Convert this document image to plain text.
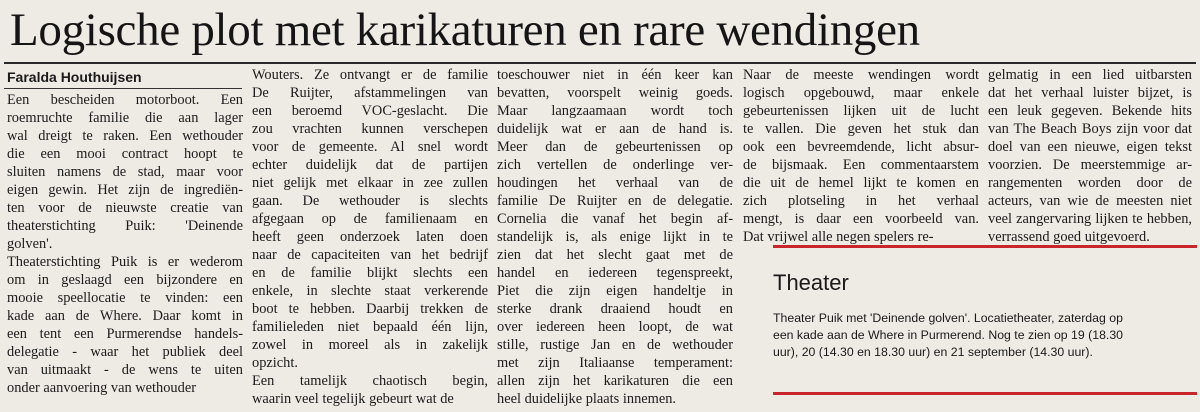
Logische plot met karikaturen en rare wendingen
Faralda Houthuijsen
Een bescheiden motorboot. Een
roemruchte familie die aan lager
wal dreigt te raken. Een wethouder
die een mooi contract hoopt te
sluiten namens de stad, maar voor
eigen gewin. Het zijn de ingrediën-
ten voor de nieuwste creatie van
theaterstichting Puik: 'Deinende
golven'.
Theaterstichting Puik is er wederom
om in geslaagd een bijzondere en
mooie speellocatie te vinden: een
kade aan de Where. Daar komt in
een tent een Purmerendse handels-
delegatie - waar het publiek deel
van uitmaakt - de wens te uiten
onder aanvoering van wethouder
Wouters. Ze ontvangt er de familie
De Ruijter, afstammelingen van
een beroemd VOC-geslacht. Die
zou vrachten kunnen verschepen
voor de gemeente. Al snel wordt
echter duidelijk dat de partijen
niet gelijk met elkaar in zee zullen
gaan. De wethouder is slechts
afgegaan op de familienaam en
heeft geen onderzoek laten doen
naar de capaciteiten van het bedrijf
en de familie blijkt slechts een
enkele, in slechte staat verkerende
boot te hebben. Daarbij trekken de
familieleden niet bepaald één lijn,
zowel in moreel als in zakelijk
opzicht.
Een tamelijk chaotisch begin,
waarin veel tegelijk gebeurt wat de
toeschouwer niet in één keer kan
bevatten, voorspelt weinig goeds.
Maar langzaamaan wordt toch
duidelijk wat er aan de hand is.
Meer dan de gebeurtenissen op
zich vertellen de onderlinge ver-
houdingen het verhaal van de
familie De Ruijter en de delegatie.
Cornelia die vanaf het begin af-
standelijk is, als enige lijkt in te
zien dat het slecht gaat met de
handel en iedereen tegenspreekt,
Piet die zijn eigen handeltje in
sterke drank draaiend houdt en
over iedereen heen loopt, de wat
stille, rustige Jan en de wethouder
met zijn Italiaanse temperament:
allen zijn het karikaturen die een
heel duidelijke plaats innemen.
Naar de meeste wendingen wordt
logisch opgebouwd, maar enkele
gebeurtenissen lijken uit de lucht
te vallen. Die geven het stuk dan
ook een bevreemdende, licht absur-
de bijsmaak. Een commentaarstem
die uit de hemel lijkt te komen en
zich plotseling in het verhaal
mengt, is daar een voorbeeld van.
Dat vrijwel alle negen spelers re-
gelmatig in een lied uitbarsten
dat het verhaal luister bijzet, is
een leuk gegeven. Bekende hits
van The Beach Boys zijn voor dat
doel van een nieuwe, eigen tekst
voorzien. De meerstemmige ar-
rangementen worden door de
acteurs, van wie de meesten niet
veel zangervaring lijken te hebben,
verrassend goed uitgevoerd.
Theater
Theater Puik met 'Deinende golven'. Locatietheater, zaterdag op
een kade aan de Where in Purmerend. Nog te zien op 19 (18.30
uur), 20 (14.30 en 18.30 uur) en 21 september (14.30 uur).
